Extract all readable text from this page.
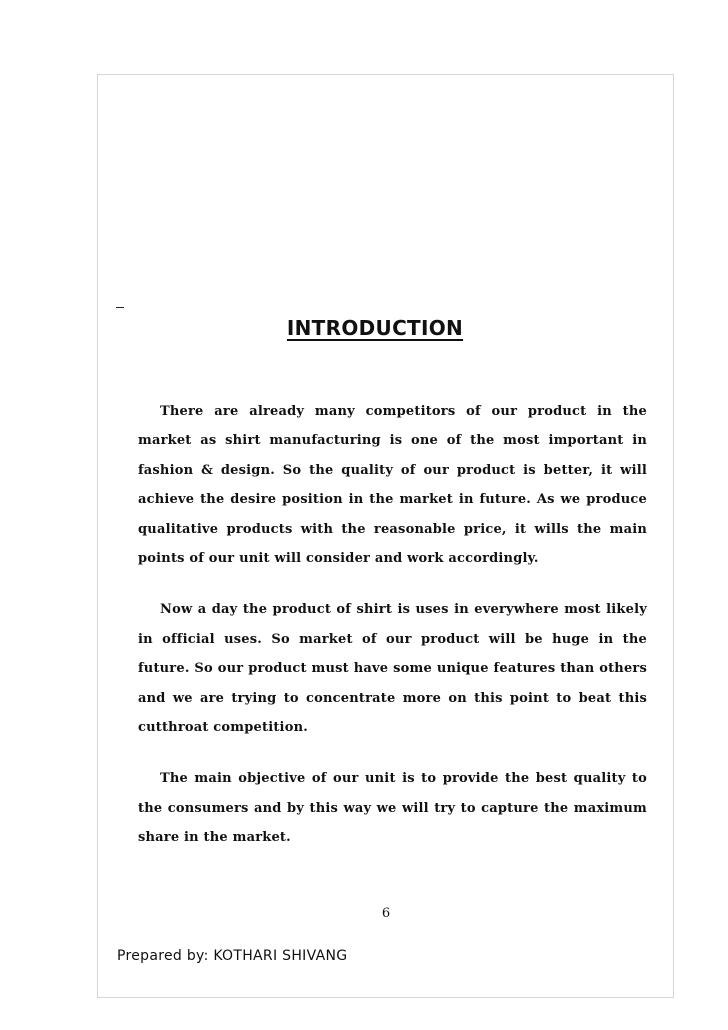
INTRODUCTION

There are already many competitors of our product in the market as shirt manufacturing is one of the most important in fashion & design. So the quality of our product is better, it will achieve the desire position in the market in future. As we produce qualitative products with the reasonable price, it wills the main points of our unit will consider and work accordingly.

Now a day the product of shirt is uses in everywhere most likely in official uses. So market of our product will be huge in the future. So our product must have some unique features than others and we are trying to concentrate more on this point to beat this cutthroat competition.

The main objective of our unit is to provide the best quality to the consumers and by this way we will try to capture the maximum share in the market.

6
Prepared by: KOTHARI SHIVANG
